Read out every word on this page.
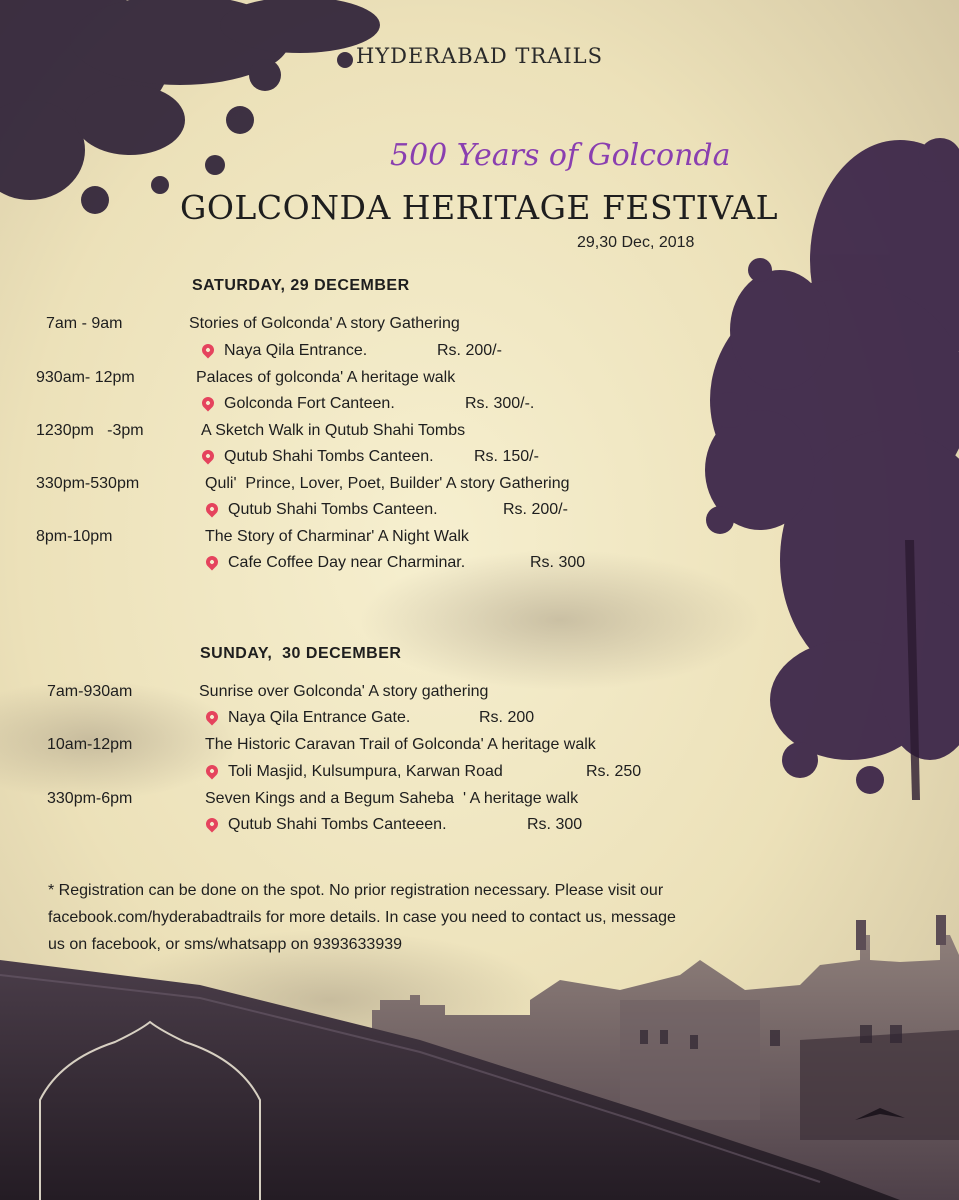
HYDERABAD TRAILS
500 Years of Golconda
GOLCONDA HERITAGE FESTIVAL
29,30 Dec, 2018
SATURDAY, 29 DECEMBER
7am - 9am	Stories of Golconda' A story Gathering
Naya Qila Entrance.	Rs. 200/-
930am- 12pm	Palaces of golconda' A heritage walk
Golconda Fort Canteen.	Rs. 300/-.
1230pm   -3pm	A Sketch Walk in Qutub Shahi Tombs
Qutub Shahi Tombs Canteen.	Rs. 150/-
330pm-530pm	Quli'  Prince, Lover, Poet, Builder' A story Gathering
Qutub Shahi Tombs Canteen.	Rs. 200/-
8pm-10pm	The Story of Charminar' A Night Walk
Cafe Coffee Day near Charminar.	Rs. 300
SUNDAY,  30 DECEMBER
7am-930am	Sunrise over Golconda' A story gathering
Naya Qila Entrance Gate.	Rs. 200
10am-12pm	The Historic Caravan Trail of Golconda' A heritage walk
Toli Masjid, Kulsumpura, Karwan Road	Rs. 250
330pm-6pm	Seven Kings and a Begum Saheba  ' A heritage walk
Qutub Shahi Tombs Canteeen.	Rs. 300
* Registration can be done on the spot. No prior registration necessary. Please visit our facebook.com/hyderabadtrails for more details. In case you need to contact us, message us on facebook, or sms/whatsapp on 9393633939
